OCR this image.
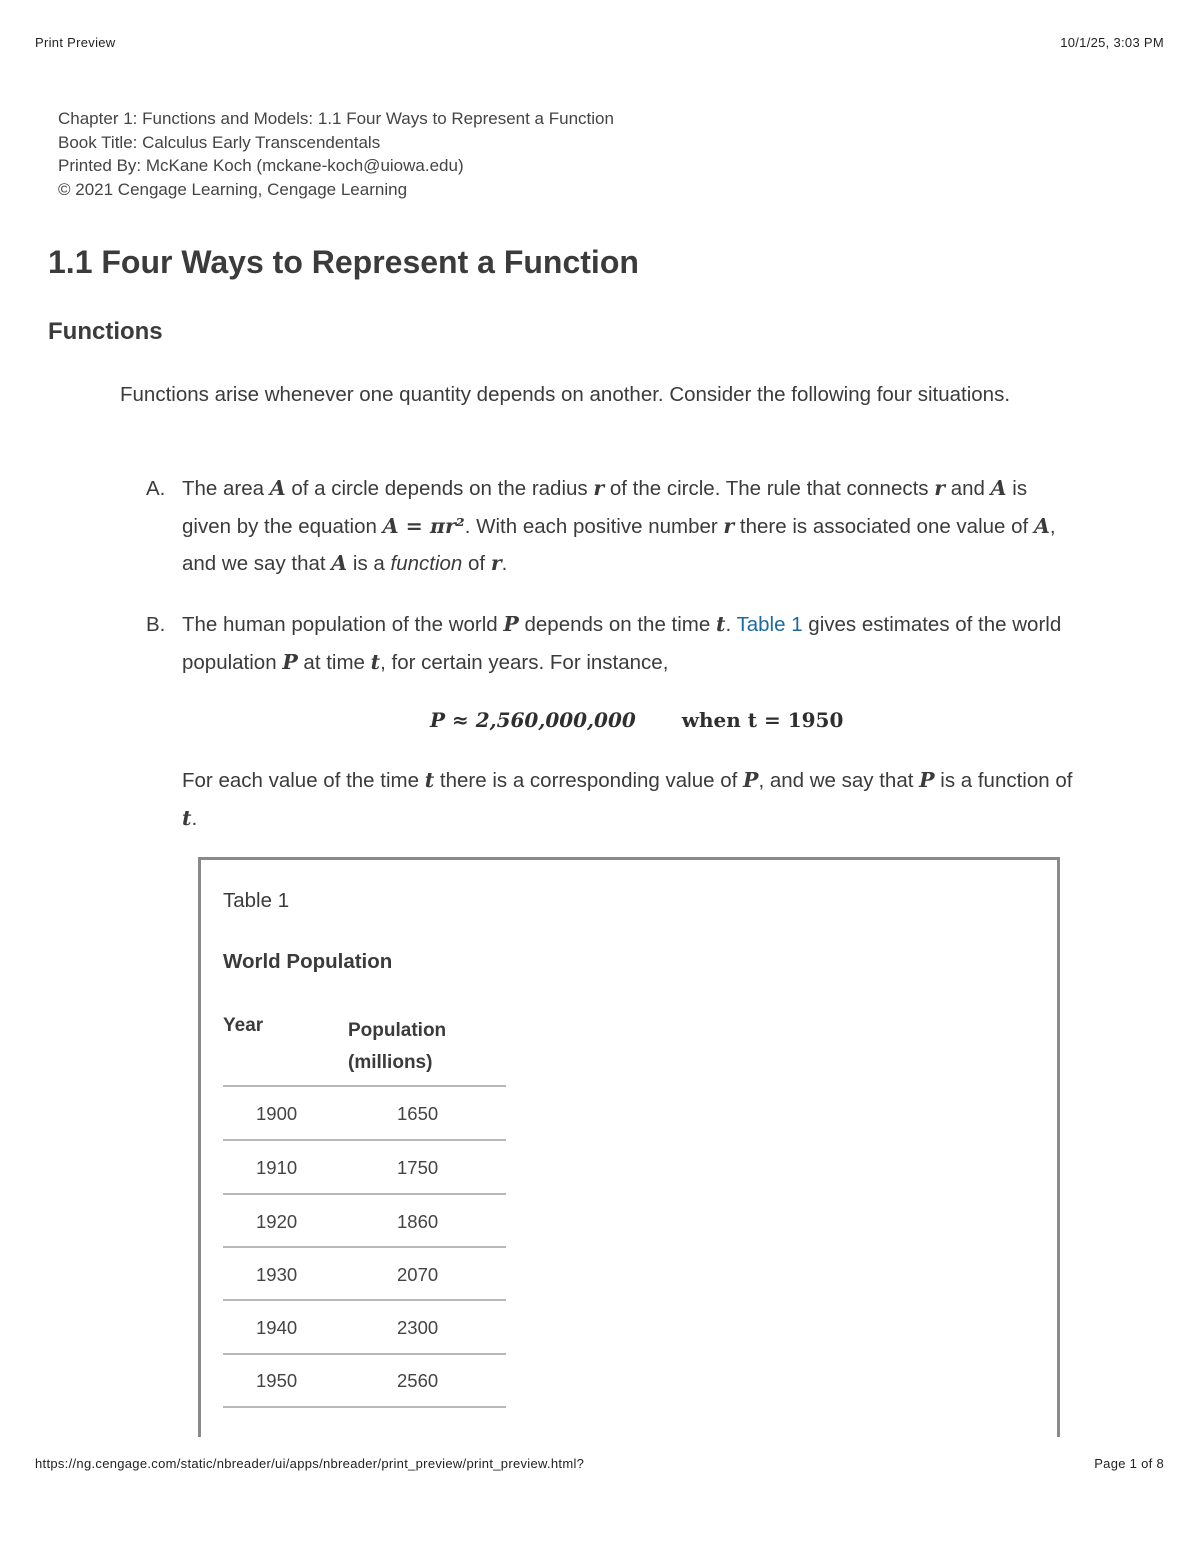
Print Preview	10/1/25, 3:03 PM
Chapter 1: Functions and Models: 1.1 Four Ways to Represent a Function
Book Title: Calculus Early Transcendentals
Printed By: McKane Koch (mckane-koch@uiowa.edu)
© 2021 Cengage Learning, Cengage Learning
1.1 Four Ways to Represent a Function
Functions

Functions arise whenever one quantity depends on another. Consider the following four situations.

A. The area A of a circle depends on the radius r of the circle. The rule that connects r and A is given by the equation A = πr². With each positive number r there is associated one value of A, and we say that A is a function of r.
B. The human population of the world P depends on the time t. Table 1 gives estimates of the world population P at time t, for certain years. For instance,
P ≈ 2,560,000,000 when t = 1950
For each value of the time t there is a corresponding value of P, and we say that P is a function of t.
Table 1
World Population
Year	Population
(millions)
1900	1650
1910	1750
1920	1860
1930	2070
1940	2300
1950	2560
https://ng.cengage.com/static/nbreader/ui/apps/nbreader/print_preview/print_preview.html?	Page 1 of 8
